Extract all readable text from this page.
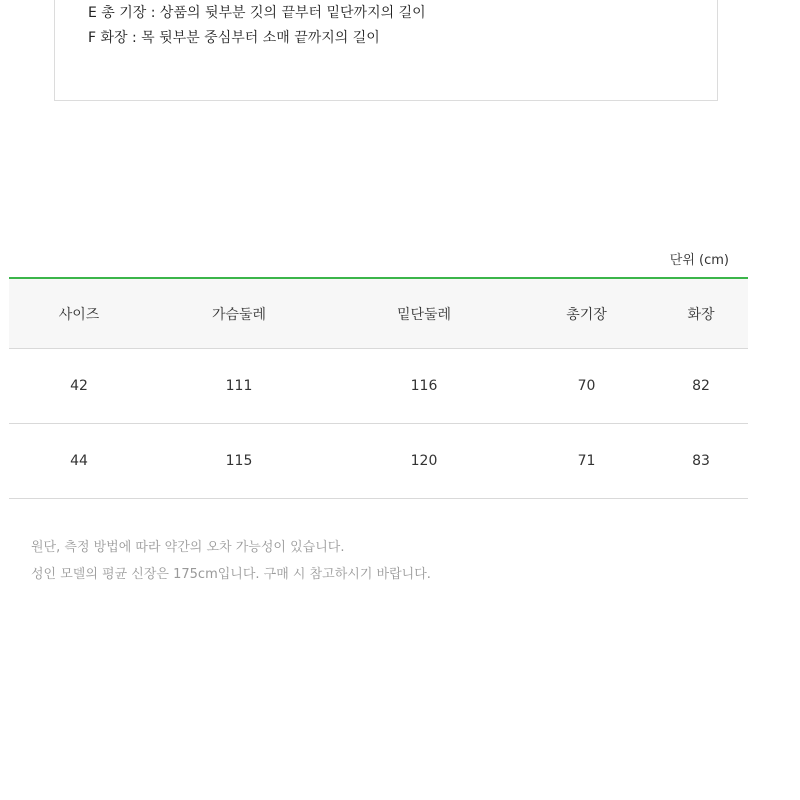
E 총 기장 : 상품의 뒷부분 깃의 끝부터 밑단까지의 길이
F 화장 : 목 뒷부분 중심부터 소매 끝까지의 길이
단위 (cm)
사이즈	가슴둘레	밑단둘레	총기장	화장
42	111	116	70	82
44	115	120	71	83
원단, 측정 방법에 따라 약간의 오차 가능성이 있습니다.
성인 모델의 평균 신장은 175cm입니다. 구매 시 참고하시기 바랍니다.
